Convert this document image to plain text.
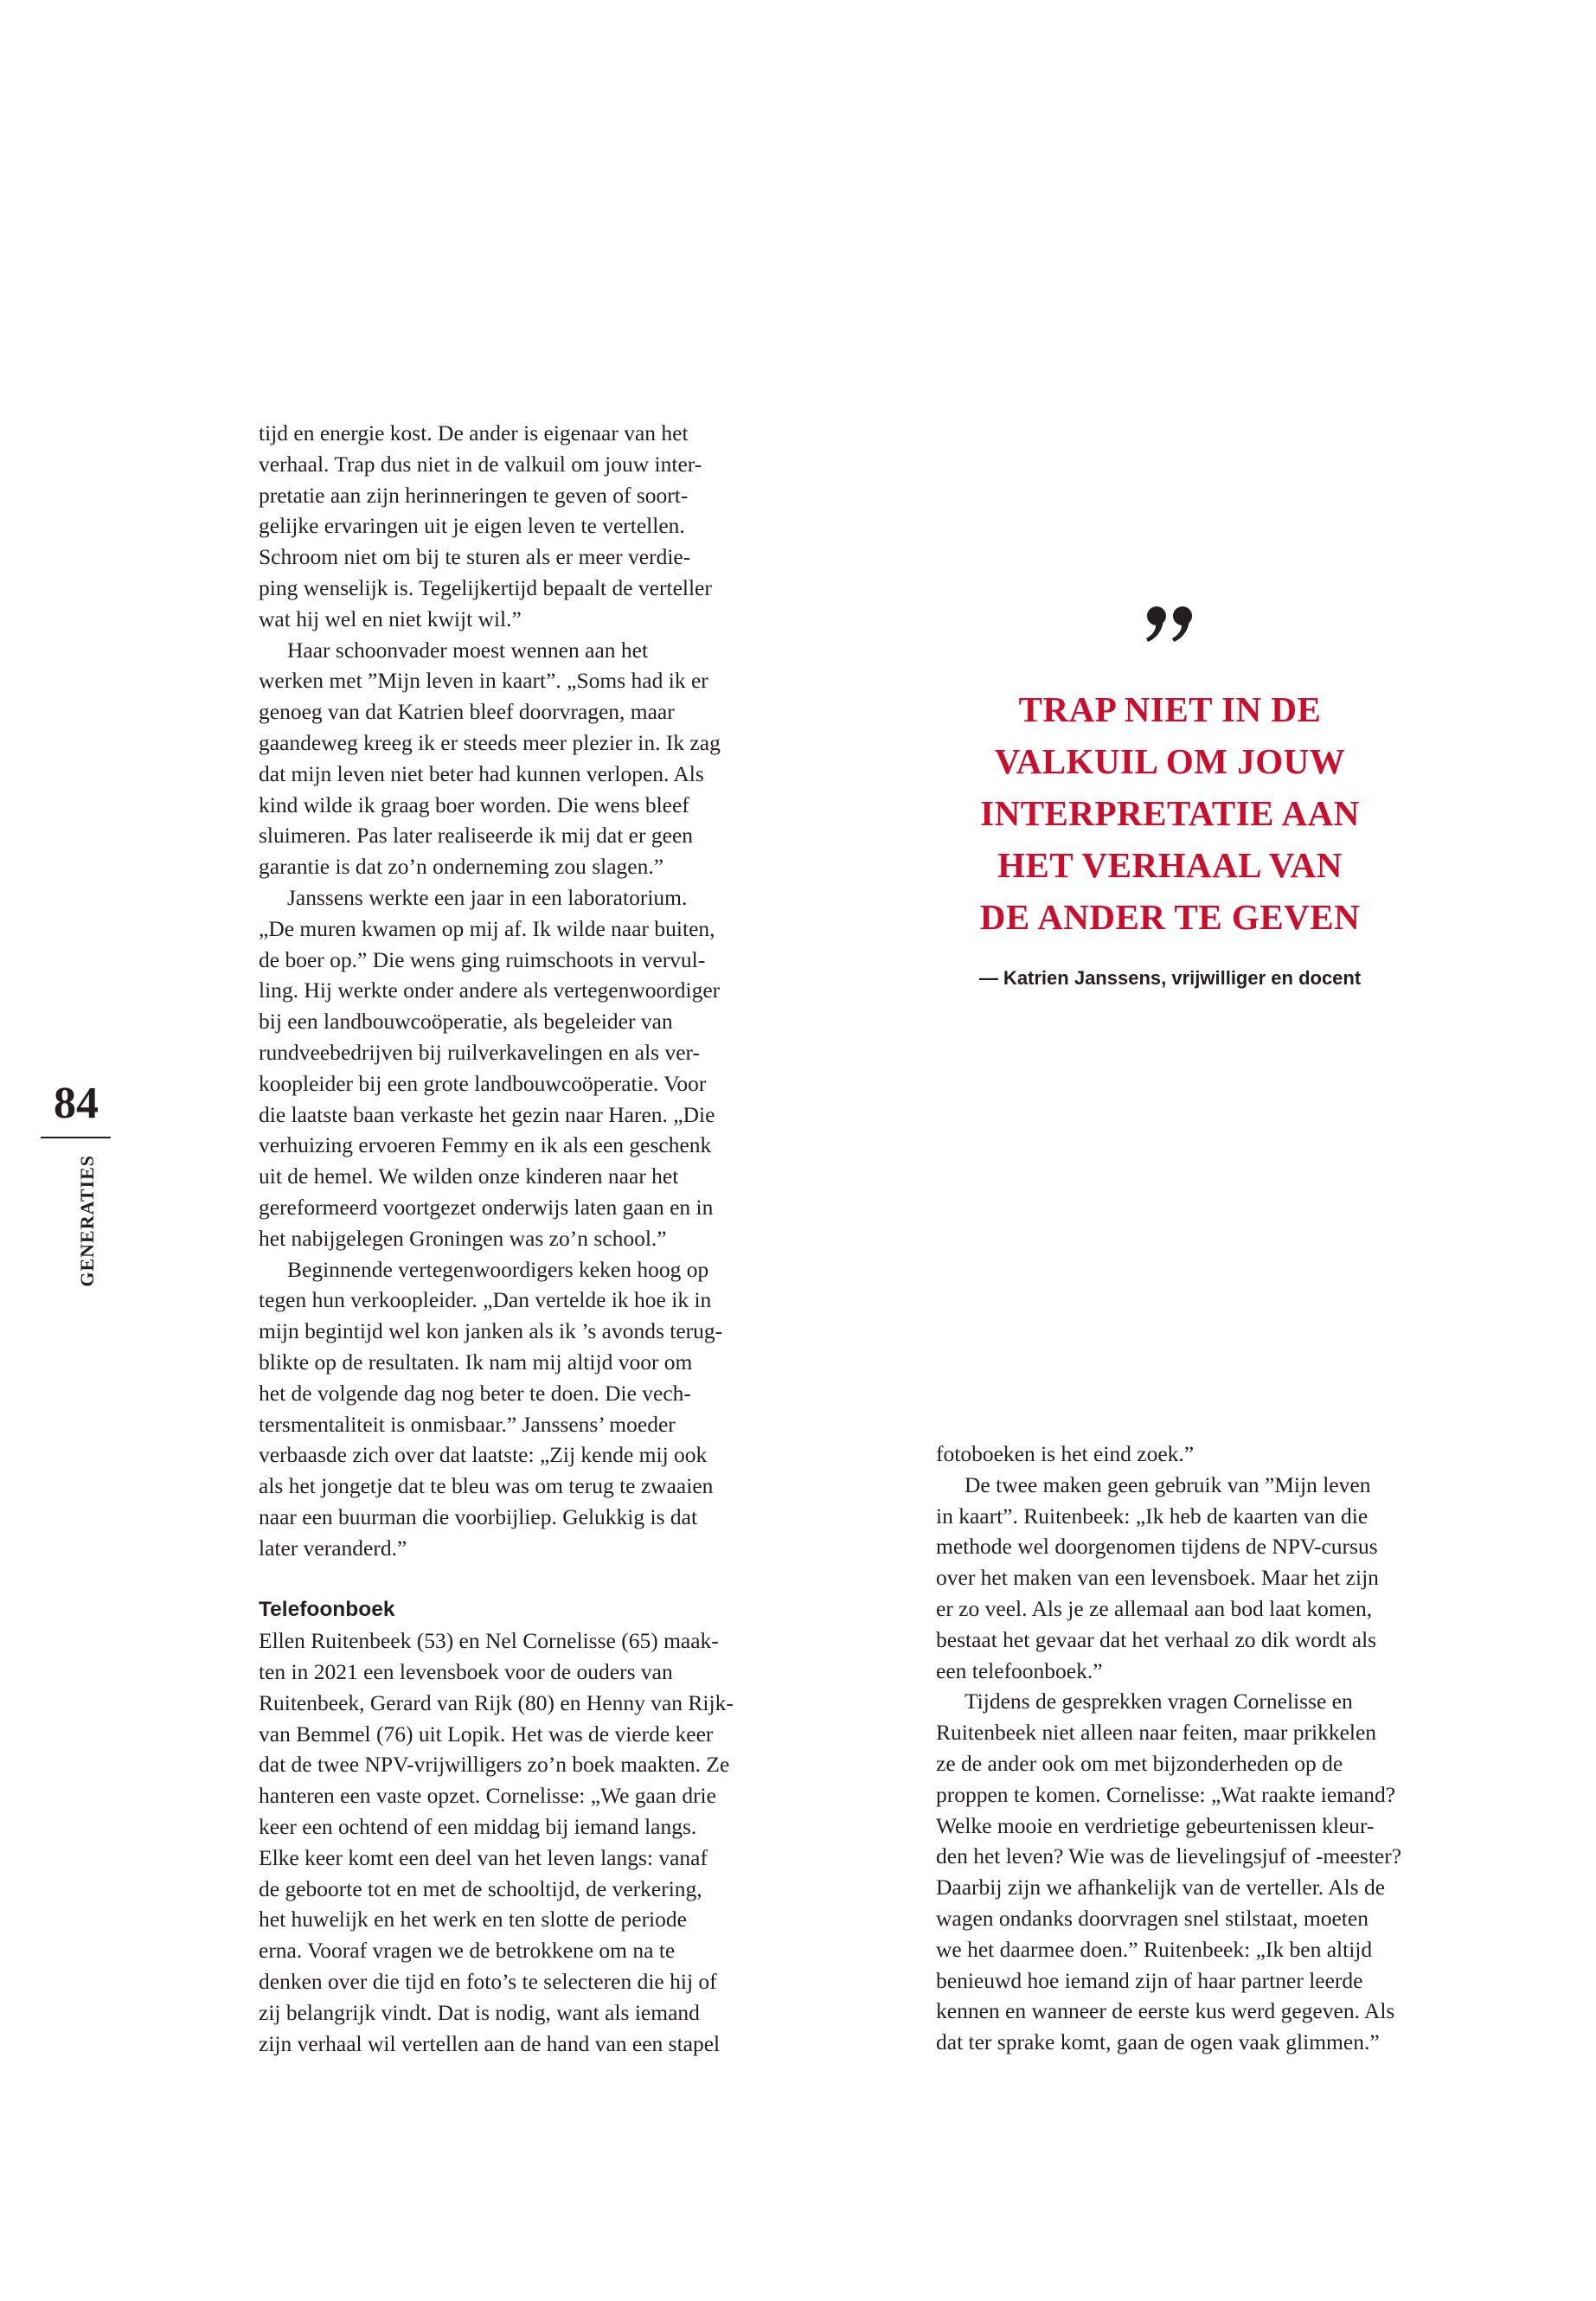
84
GENERATIES
tijd en energie kost. De ander is eigenaar van het
verhaal. Trap dus niet in de valkuil om jouw inter-
pretatie aan zijn herinneringen te geven of soort-
gelijke ervaringen uit je eigen leven te vertellen.
Schroom niet om bij te sturen als er meer verdie-
ping wenselijk is. Tegelijkertijd bepaalt de verteller
wat hij wel en niet kwijt wil.”
Haar schoonvader moest wennen aan het
werken met ”Mijn leven in kaart”. „Soms had ik er
genoeg van dat Katrien bleef doorvragen, maar
gaandeweg kreeg ik er steeds meer plezier in. Ik zag
dat mijn leven niet beter had kunnen verlopen. Als
kind wilde ik graag boer worden. Die wens bleef
sluimeren. Pas later realiseerde ik mij dat er geen
garantie is dat zo’n onderneming zou slagen.”
Janssens werkte een jaar in een laboratorium.
„De muren kwamen op mij af. Ik wilde naar buiten,
de boer op.” Die wens ging ruimschoots in vervul-
ling. Hij werkte onder andere als vertegenwoordiger
bij een landbouwcoöperatie, als begeleider van
rundveebedrijven bij ruilverkavelingen en als ver-
koopleider bij een grote landbouwcoöperatie. Voor
die laatste baan verkaste het gezin naar Haren. „Die
verhuizing ervoeren Femmy en ik als een geschenk
uit de hemel. We wilden onze kinderen naar het
gereformeerd voortgezet onderwijs laten gaan en in
het nabijgelegen Groningen was zo’n school.”
Beginnende vertegenwoordigers keken hoog op
tegen hun verkoopleider. „Dan vertelde ik hoe ik in
mijn begintijd wel kon janken als ik ’s avonds terug-
blikte op de resultaten. Ik nam mij altijd voor om
het de volgende dag nog beter te doen. Die vech-
tersmentaliteit is onmisbaar.” Janssens’ moeder
verbaasde zich over dat laatste: „Zij kende mij ook
als het jongetje dat te bleu was om terug te zwaaien
naar een buurman die voorbijliep. Gelukkig is dat
later veranderd.”
Telefoonboek
Ellen Ruitenbeek (53) en Nel Cornelisse (65) maak-
ten in 2021 een levensboek voor de ouders van
Ruitenbeek, Gerard van Rijk (80) en Henny van Rijk-
van Bemmel (76) uit Lopik. Het was de vierde keer
dat de twee NPV-vrijwilligers zo’n boek maakten. Ze
hanteren een vaste opzet. Cornelisse: „We gaan drie
keer een ochtend of een middag bij iemand langs.
Elke keer komt een deel van het leven langs: vanaf
de geboorte tot en met de schooltijd, de verkering,
het huwelijk en het werk en ten slotte de periode
erna. Vooraf vragen we de betrokkene om na te
denken over die tijd en foto’s te selecteren die hij of
zij belangrijk vindt. Dat is nodig, want als iemand
zijn verhaal wil vertellen aan de hand van een stapel
fotoboeken is het eind zoek.”
De twee maken geen gebruik van ”Mijn leven
in kaart”. Ruitenbeek: „Ik heb de kaarten van die
methode wel doorgenomen tijdens de NPV-cursus
over het maken van een levensboek. Maar het zijn
er zo veel. Als je ze allemaal aan bod laat komen,
bestaat het gevaar dat het verhaal zo dik wordt als
een telefoonboek.”
Tijdens de gesprekken vragen Cornelisse en
Ruitenbeek niet alleen naar feiten, maar prikkelen
ze de ander ook om met bijzonderheden op de
proppen te komen. Cornelisse: „Wat raakte iemand?
Welke mooie en verdrietige gebeurtenissen kleur-
den het leven? Wie was de lievelingsjuf of -meester?
Daarbij zijn we afhankelijk van de verteller. Als de
wagen ondanks doorvragen snel stilstaat, moeten
we het daarmee doen.” Ruitenbeek: „Ik ben altijd
benieuwd hoe iemand zijn of haar partner leerde
kennen en wanneer de eerste kus werd gegeven. Als
dat ter sprake komt, gaan de ogen vaak glimmen.”
TRAP NIET IN DE
VALKUIL OM JOUW
INTERPRETATIE AAN
HET VERHAAL VAN
DE ANDER TE GEVEN
— Katrien Janssens, vrijwilliger en docent
